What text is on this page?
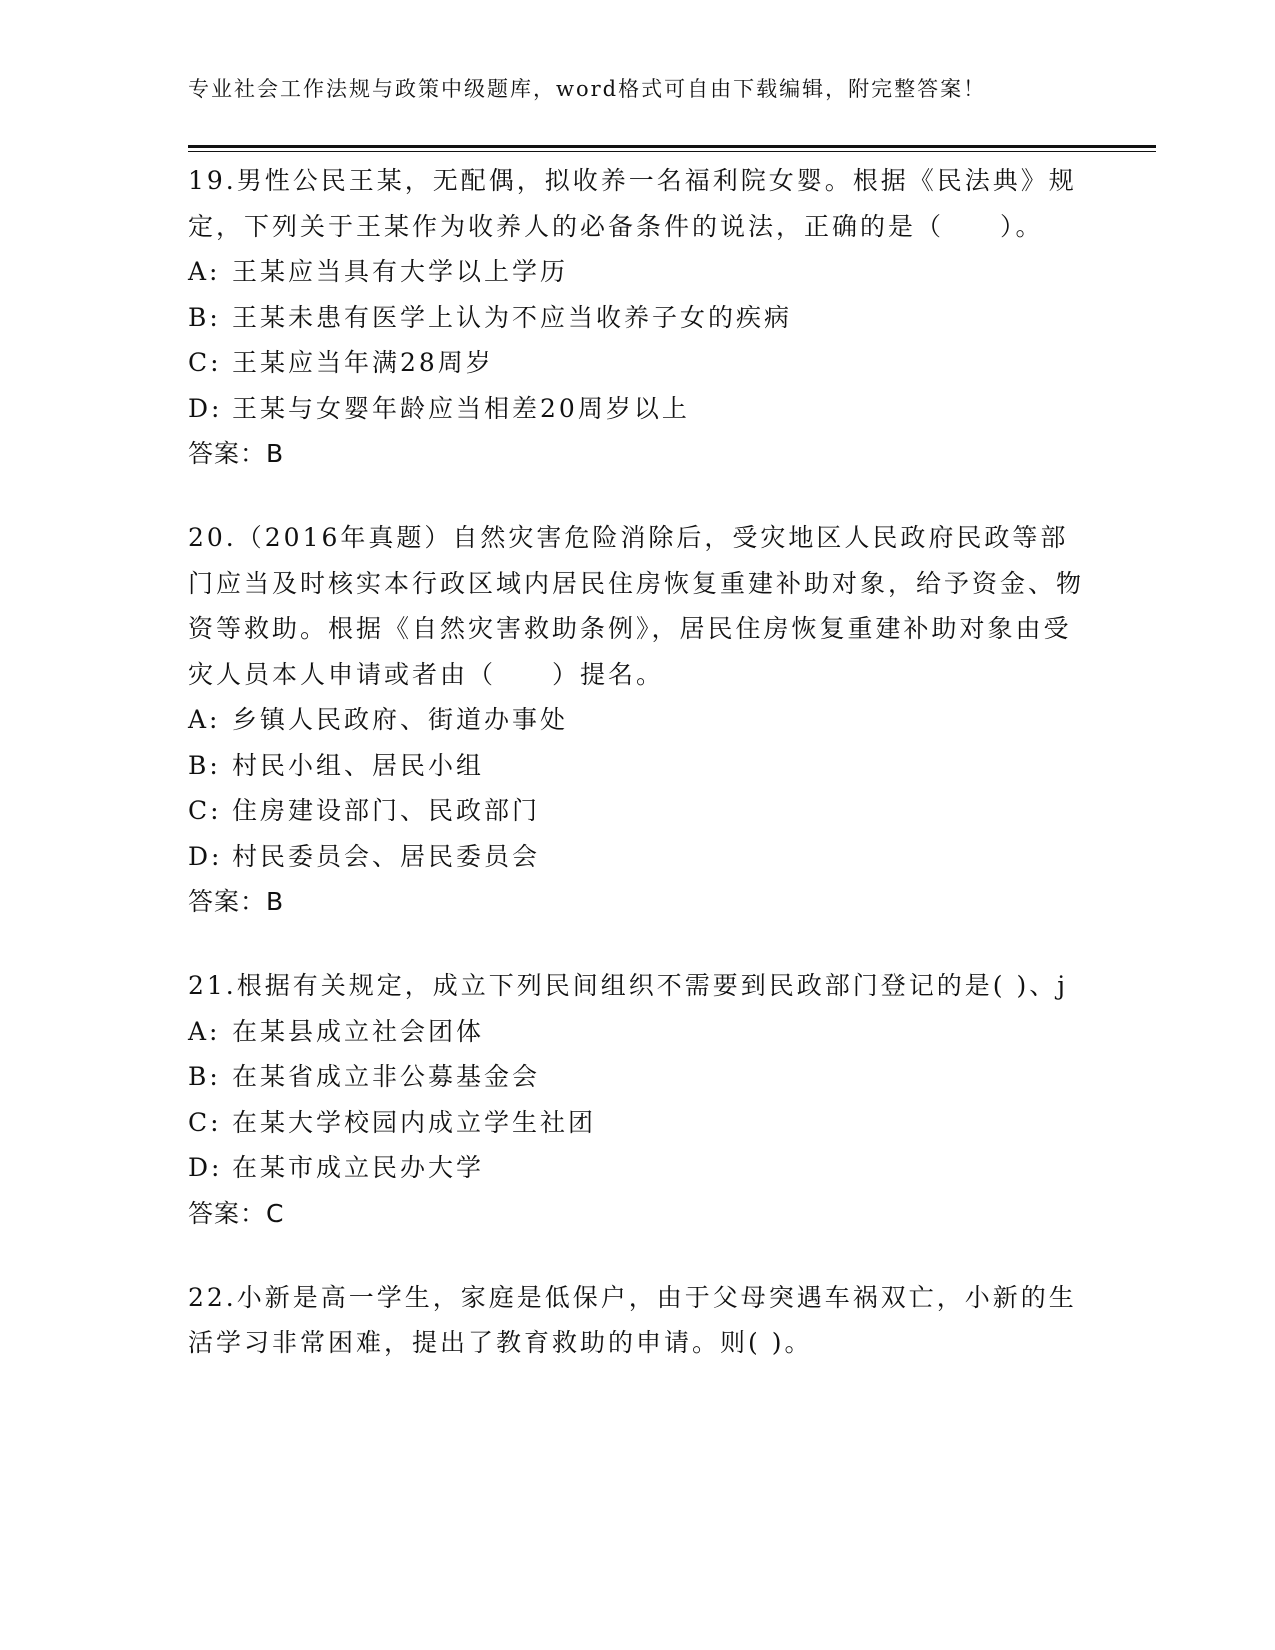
专业社会工作法规与政策中级题库，word格式可自由下载编辑，附完整答案！

19.男性公民王某，无配偶，拟收养一名福利院女婴。根据《民法典》规定，下列关于王某作为收养人的必备条件的说法，正确的是（　　）。

A: 王某应当具有大学以上学历
B: 王某未患有医学上认为不应当收养子女的疾病
C: 王某应当年满28周岁
D: 王某与女婴年龄应当相差20周岁以上

答案：B

20.（2016年真题）自然灾害危险消除后，受灾地区人民政府民政等部门应当及时核实本行政区域内居民住房恢复重建补助对象，给予资金、物资等救助。根据《自然灾害救助条例》，居民住房恢复重建补助对象由受灾人员本人申请或者由（　　）提名。

A: 乡镇人民政府、街道办事处
B: 村民小组、居民小组
C: 住房建设部门、民政部门
D: 村民委员会、居民委员会

答案：B

21.根据有关规定，成立下列民间组织不需要到民政部门登记的是( )、j

A: 在某县成立社会团体
B: 在某省成立非公募基金会
C: 在某大学校园内成立学生社团
D: 在某市成立民办大学

答案：C

22.小新是高一学生，家庭是低保户，由于父母突遇车祸双亡，小新的生活学习非常困难，提出了教育救助的申请。则( )。
